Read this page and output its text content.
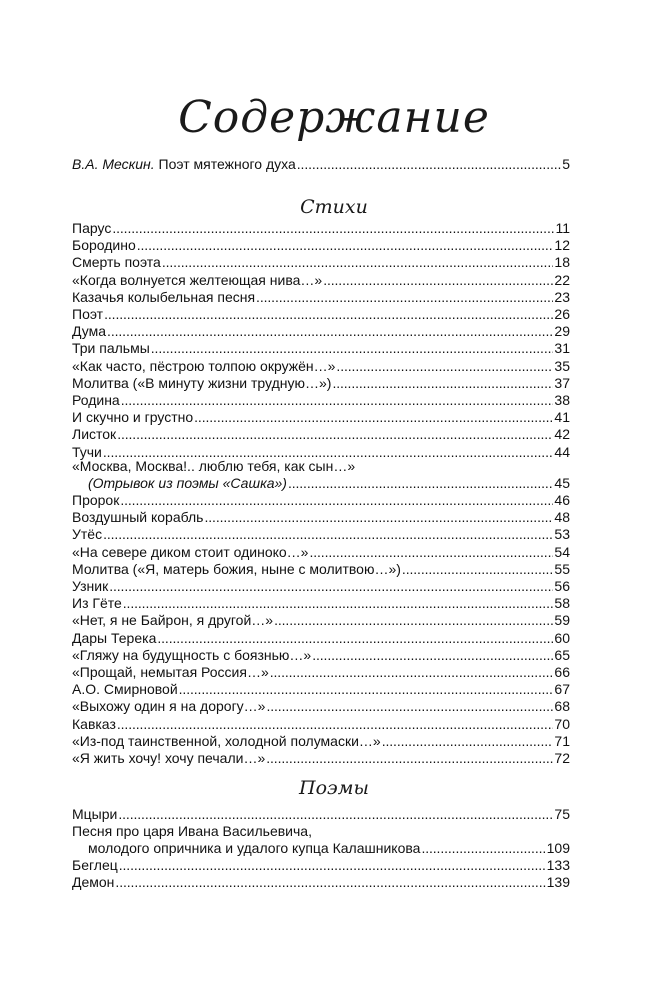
Содержание
В.А. Мескин. Поэт мятежного духа . . .	5
Стихи
Парус . . .	11
Бородино . . .	12
Смерть поэта . . .	18
«Когда волнуется желтеющая нива…» . . .	22
Казачья колыбельная песня . . .	23
Поэт . . .	26
Дума . . .	29
Три пальмы . . .	31
«Как часто, пёстрою толпою окружён…» . . .	35
Молитва («В минуту жизни трудную…») . . .	37
Родина . . .	38
И скучно и грустно . . .	41
Листок . . .	42
Тучи . . .	44
«Москва, Москва!.. люблю тебя, как сын…»
(Отрывок из поэмы «Сашка») . . .	45
Пророк . . .	46
Воздушный корабль . . .	48
Утёс . . .	53
«На севере диком стоит одиноко…» . . .	54
Молитва («Я, матерь божия, ныне с молитвою…») . . .	55
Узник . . .	56
Из Гёте . . .	58
«Нет, я не Байрон, я другой…» . . .	59
Дары Терека . . .	60
«Гляжу на будущность с боязнью…» . . .	65
«Прощай, немытая Россия…» . . .	66
А.О. Смирновой . . .	67
«Выхожу один я на дорогу…» . . .	68
Кавказ . . .	70
«Из-под таинственной, холодной полумаски…» . . .	71
«Я жить хочу! хочу печали…» . . .	72
Поэмы
Мцыри . . .	75
Песня про царя Ивана Васильевича,
молодого опричника и удалого купца Калашникова . . .	109
Беглец . . .	133
Демон . . .	139
